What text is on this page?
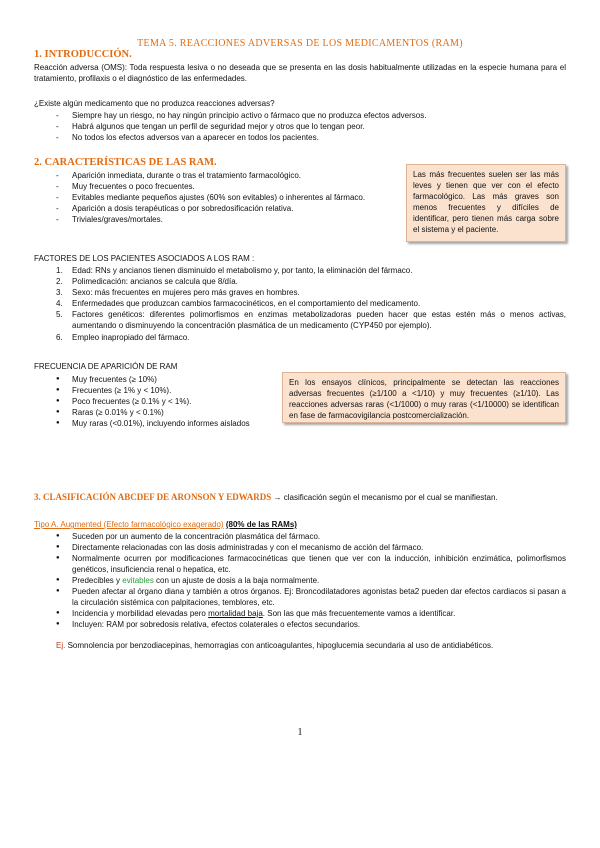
TEMA 5. REACCIONES ADVERSAS DE LOS MEDICAMENTOS (RAM)
1. INTRODUCCIÓN.
Reacción adversa (OMS): Toda respuesta lesiva o no deseada que se presenta en las dosis habitualmente utilizadas en la especie humana para el tratamiento, profilaxis o el diagnóstico de las enfermedades.
¿Existe algún medicamento que no produzca reacciones adversas?
- Siempre hay un riesgo, no hay ningún principio activo o fármaco que no produzca efectos adversos.
- Habrá algunos que tengan un perfil de seguridad mejor y otros que lo tengan peor.
- No todos los efectos adversos van a aparecer en todos los pacientes.
2. CARACTERÍSTICAS DE LAS RAM.
- Aparición inmediata, durante o tras el tratamiento farmacológico.
- Muy frecuentes o poco frecuentes.
- Evitables mediante pequeños ajustes (60% son evitables) o inherentes al fármaco.
- Aparición a dosis terapéuticas o por sobredosificación relativa.
- Triviales/graves/mortales.
Las más frecuentes suelen ser las más leves y tienen que ver con el efecto farmacológico. Las más graves son menos frecuentes y difíciles de identificar, pero tienen más carga sobre el sistema y el paciente.
FACTORES DE LOS PACIENTES ASOCIADOS A LOS RAM :
1. Edad: RNs y ancianos tienen disminuido el metabolismo y, por tanto, la eliminación del fármaco.
2. Polimedicación: ancianos se calcula que 8/día.
3. Sexo: más frecuentes en mujeres pero más graves en hombres.
4. Enfermedades que produzcan cambios farmacocinéticos, en el comportamiento del medicamento.
5. Factores genéticos: diferentes polimorfismos en enzimas metabolizadoras pueden hacer que estas estén más o menos activas, aumentando o disminuyendo la concentración plasmática de un medicamento (CYP450 por ejemplo).
6. Empleo inapropiado del fármaco.
FRECUENCIA DE APARICIÓN DE RAM
● Muy frecuentes (≥ 10%)
● Frecuentes (≥ 1% y < 10%).
● Poco frecuentes (≥ 0.1% y < 1%).
● Raras (≥ 0.01% y < 0.1%)
● Muy raras (<0.01%), incluyendo informes aislados
En los ensayos clínicos, principalmente se detectan las reacciones adversas frecuentes (≥1/100 a <1/10) y muy frecuentes (≥1/10). Las reacciones adversas raras (<1/1000) o muy raras (<1/10000) se identifican en fase de farmacovigilancia postcomercialización.
3. CLASIFICACIÓN ABCDEF DE ARONSON Y EDWARDS → clasificación según el mecanismo por el cual se manifiestan.
Tipo A. Augmented (Efecto farmacológico exagerado) (80% de las RAMs)
● Suceden por un aumento de la concentración plasmática del fármaco.
● Directamente relacionadas con las dosis administradas y con el mecanismo de acción del fármaco.
● Normalmente ocurren por modificaciones farmacocinéticas que tienen que ver con la inducción, inhibición enzimática, polimorfismos genéticos, insuficiencia renal o hepatica, etc.
● Predecibles y evitables con un ajuste de dosis a la baja normalmente.
● Pueden afectar al órgano diana y también a otros órganos. Ej: Broncodilatadores agonistas beta2 pueden dar efectos cardiacos si pasan a la circulación sistémica con palpitaciones, temblores, etc.
● Incidencia y morbilidad elevadas pero mortalidad baja. Son las que más frecuentemente vamos a identificar.
● Incluyen: RAM por sobredosis relativa, efectos colaterales o efectos secundarios.
Ej. Somnolencia por benzodiacepinas, hemorragias con anticoagulantes, hipoglucemia secundaria al uso de antidiabéticos.
1
